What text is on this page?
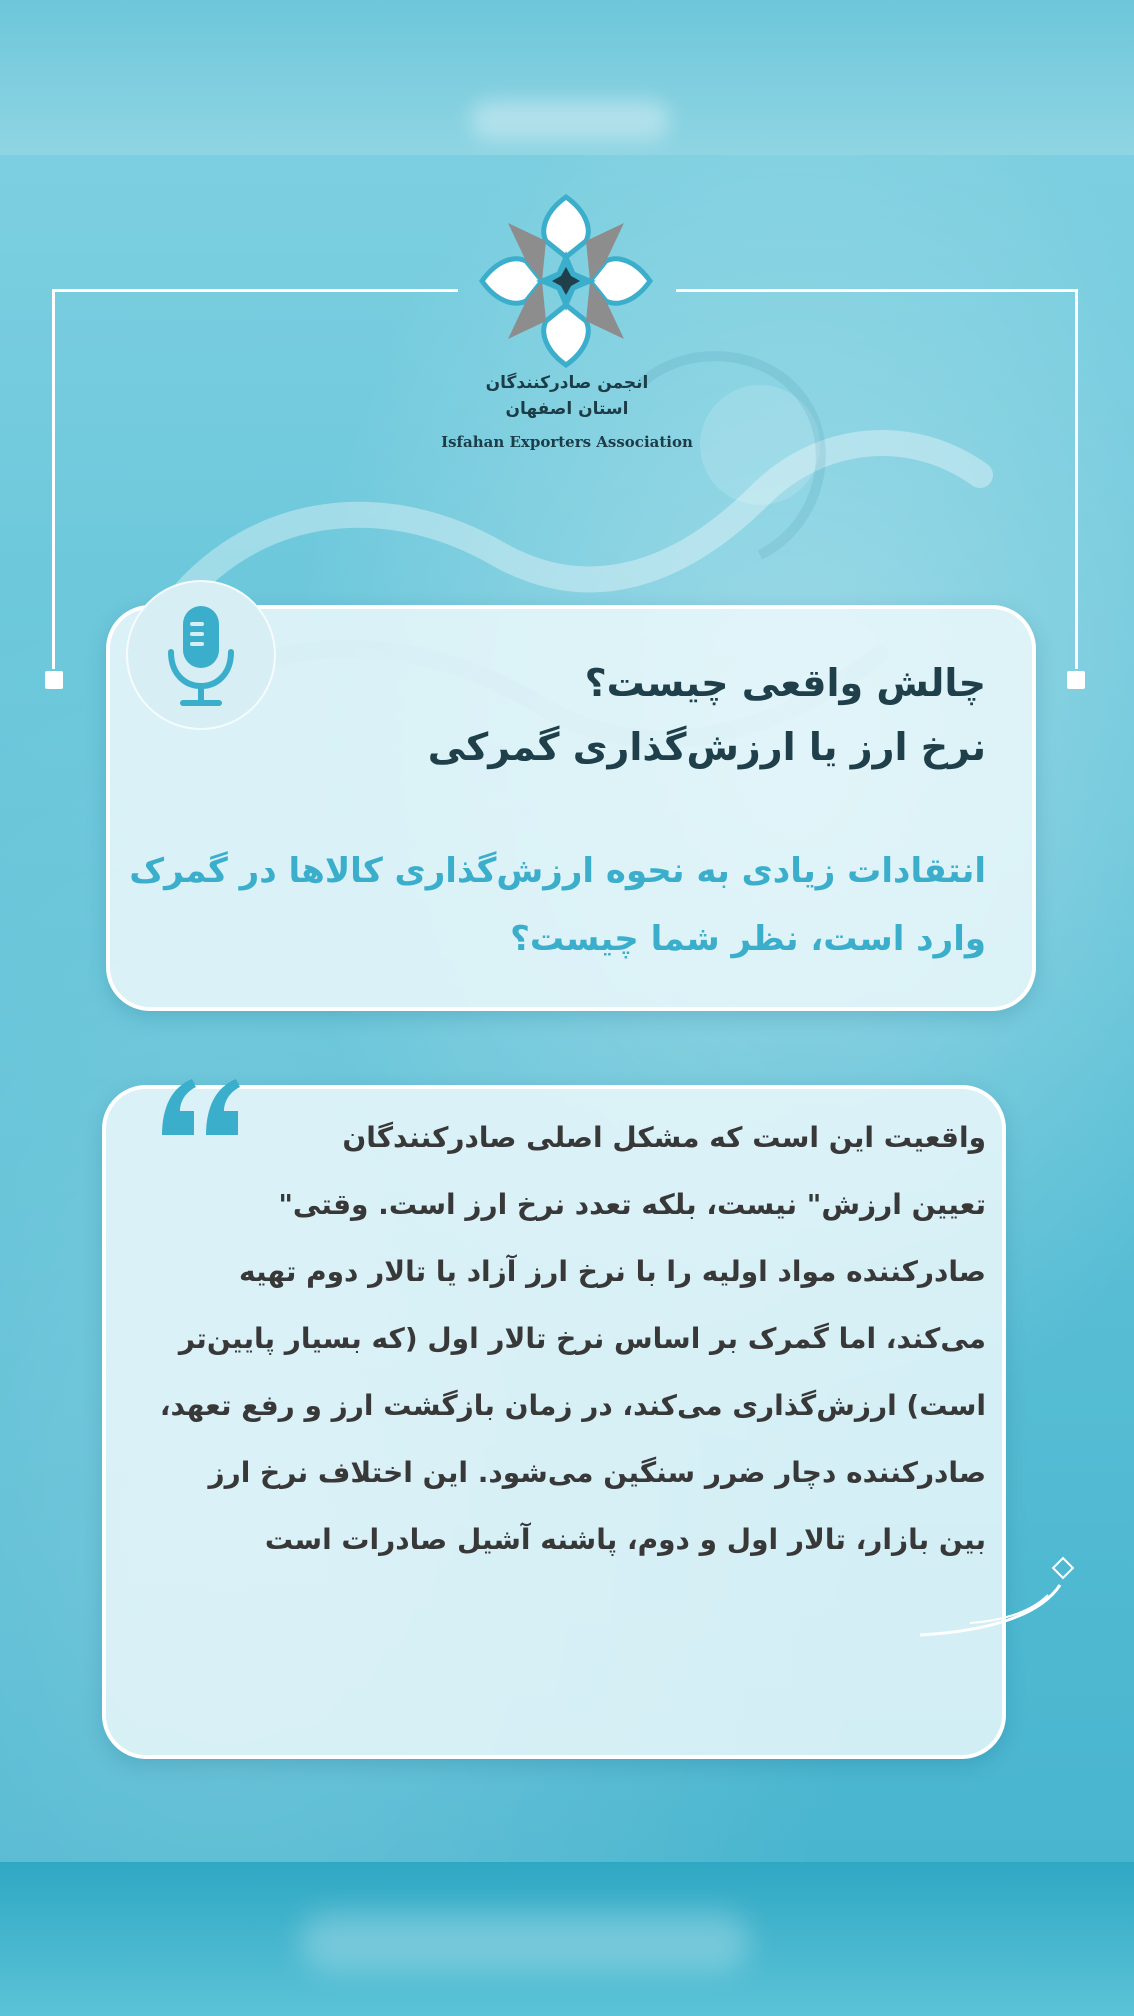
انجمن صادرکنندگان
استان اصفهان
Isfahan Exporters Association
چالش واقعی چیست؟
نرخ ارز یا ارزش‌گذاری گمرکی
انتقادات زیادی به نحوه ارزش‌گذاری کالاها در گمرک
وارد است، نظر شما چیست؟
واقعیت این است که مشکل اصلی صادرکنندگان
تعیین ارزش" نیست، بلکه تعدد نرخ ارز است. وقتی"
صادرکننده مواد اولیه را با نرخ ارز آزاد یا تالار دوم تهیه
می‌کند، اما گمرک بر اساس نرخ تالار اول (که بسیار پایین‌تر
است) ارزش‌گذاری می‌کند، در زمان بازگشت ارز و رفع تعهد،
صادرکننده دچار ضرر سنگین می‌شود. این اختلاف نرخ ارز
بین بازار، تالار اول و دوم، پاشنه آشیل صادرات است
